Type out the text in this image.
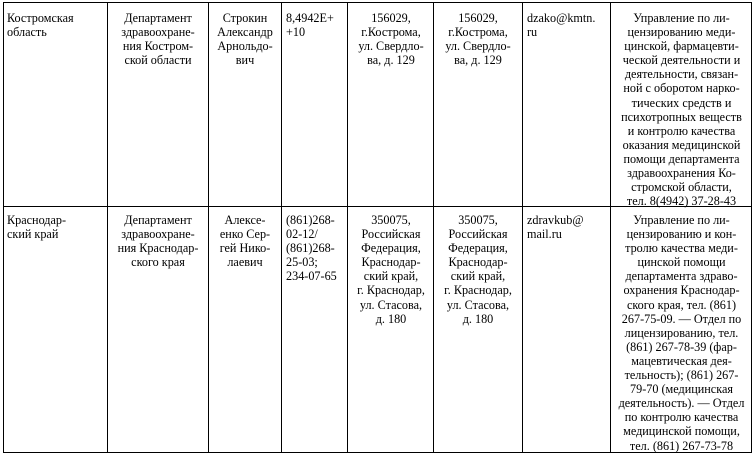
Костромская
область
Департамент
здравоохране-
ния Костром-
ской области
Строкин
Александр
Арнольдо-
вич
8,4942Е+
+10
156029,
г.Кострома,
ул. Свердло-
ва, д. 129
156029,
г.Кострома,
ул. Свердло-
ва, д. 129
dzako@kmtn.
ru
Управление по ли-
цензированию меди-
цинской, фармацевти-
ческой деятельности и
деятельности, связан-
ной с оборотом нарко-
тических средств и
психотропных веществ
и контролю качества
оказания медицинской
помощи департамента
здравоохранения Ко-
стромской области,
тел. 8(4942) 37-28-43
Краснодар-
ский край
Департамент
здравоохране-
ния Краснодар-
ского края
Алексе-
енко Сер-
гей Нико-
лаевич
(861)268-
02-12/
(861)268-
25-03;
234-07-65
350075,
Российская
Федерация,
Краснодар-
ский край,
г. Краснодар,
ул. Стасова,
д. 180
350075,
Российская
Федерация,
Краснодар-
ский край,
г. Краснодар,
ул. Стасова,
д. 180
zdravkub@
mail.ru
Управление по ли-
цензированию и кон-
тролю качества меди-
цинской помощи
департамента здраво-
охранения Краснодар-
ского края, тел. (861)
267-75-09. — Отдел по
лицензированию, тел.
(861) 267-78-39 (фар-
мацевтическая дея-
тельность); (861) 267-
79-70 (медицинская
деятельность). — Отдел
по контролю качества
медицинской помощи,
тел. (861) 267-73-78
